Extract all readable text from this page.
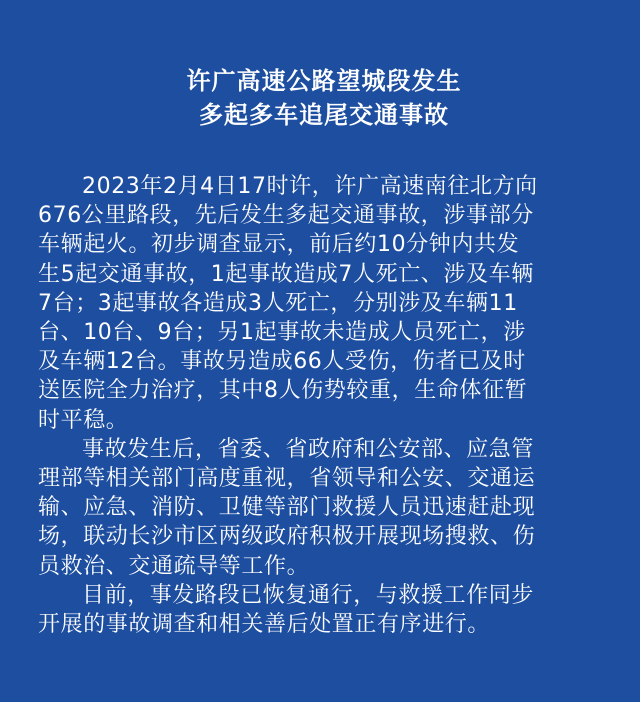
许广高速公路望城段发生
多起多车追尾交通事故
2023年2月4日17时许，许广高速南往北方向
676公里路段，先后发生多起交通事故，涉事部分
车辆起火。初步调查显示，前后约10分钟内共发
生5起交通事故，1起事故造成7人死亡、涉及车辆
7台；3起事故各造成3人死亡，分别涉及车辆11
台、10台、9台；另1起事故未造成人员死亡，涉
及车辆12台。事故另造成66人受伤，伤者已及时
送医院全力治疗，其中8人伤势较重，生命体征暂
时平稳。
事故发生后，省委、省政府和公安部、应急管
理部等相关部门高度重视，省领导和公安、交通运
输、应急、消防、卫健等部门救援人员迅速赶赴现
场，联动长沙市区两级政府积极开展现场搜救、伤
员救治、交通疏导等工作。
目前，事发路段已恢复通行，与救援工作同步
开展的事故调查和相关善后处置正有序进行。
